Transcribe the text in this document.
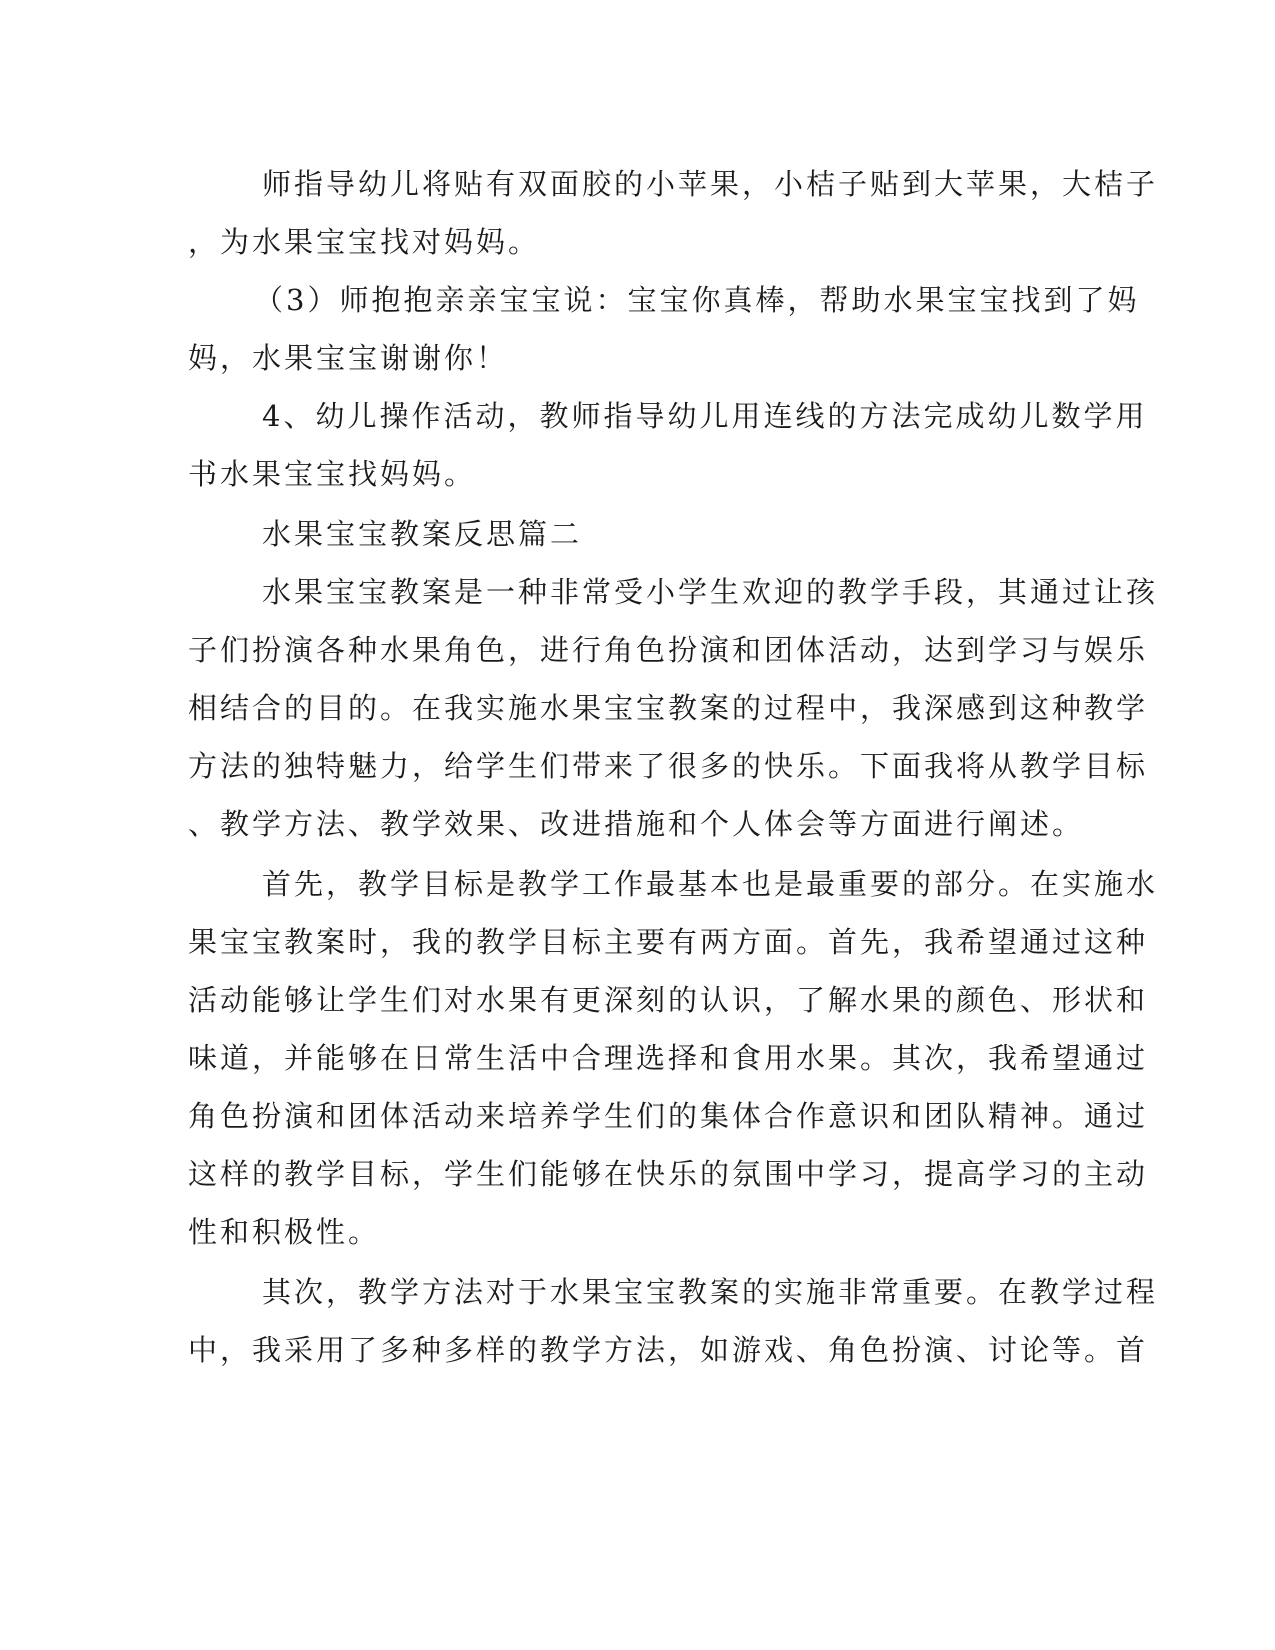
师指导幼儿将贴有双面胶的小苹果，小桔子贴到大苹果，大桔子
，为水果宝宝找对妈妈。
（3）师抱抱亲亲宝宝说：宝宝你真棒，帮助水果宝宝找到了妈
妈，水果宝宝谢谢你！
4、幼儿操作活动，教师指导幼儿用连线的方法完成幼儿数学用
书水果宝宝找妈妈。
水果宝宝教案反思篇二
水果宝宝教案是一种非常受小学生欢迎的教学手段，其通过让孩
子们扮演各种水果角色，进行角色扮演和团体活动，达到学习与娱乐
相结合的目的。在我实施水果宝宝教案的过程中，我深感到这种教学
方法的独特魅力，给学生们带来了很多的快乐。下面我将从教学目标
、教学方法、教学效果、改进措施和个人体会等方面进行阐述。
首先，教学目标是教学工作最基本也是最重要的部分。在实施水
果宝宝教案时，我的教学目标主要有两方面。首先，我希望通过这种
活动能够让学生们对水果有更深刻的认识，了解水果的颜色、形状和
味道，并能够在日常生活中合理选择和食用水果。其次，我希望通过
角色扮演和团体活动来培养学生们的集体合作意识和团队精神。通过
这样的教学目标，学生们能够在快乐的氛围中学习，提高学习的主动
性和积极性。
其次，教学方法对于水果宝宝教案的实施非常重要。在教学过程
中，我采用了多种多样的教学方法，如游戏、角色扮演、讨论等。首
